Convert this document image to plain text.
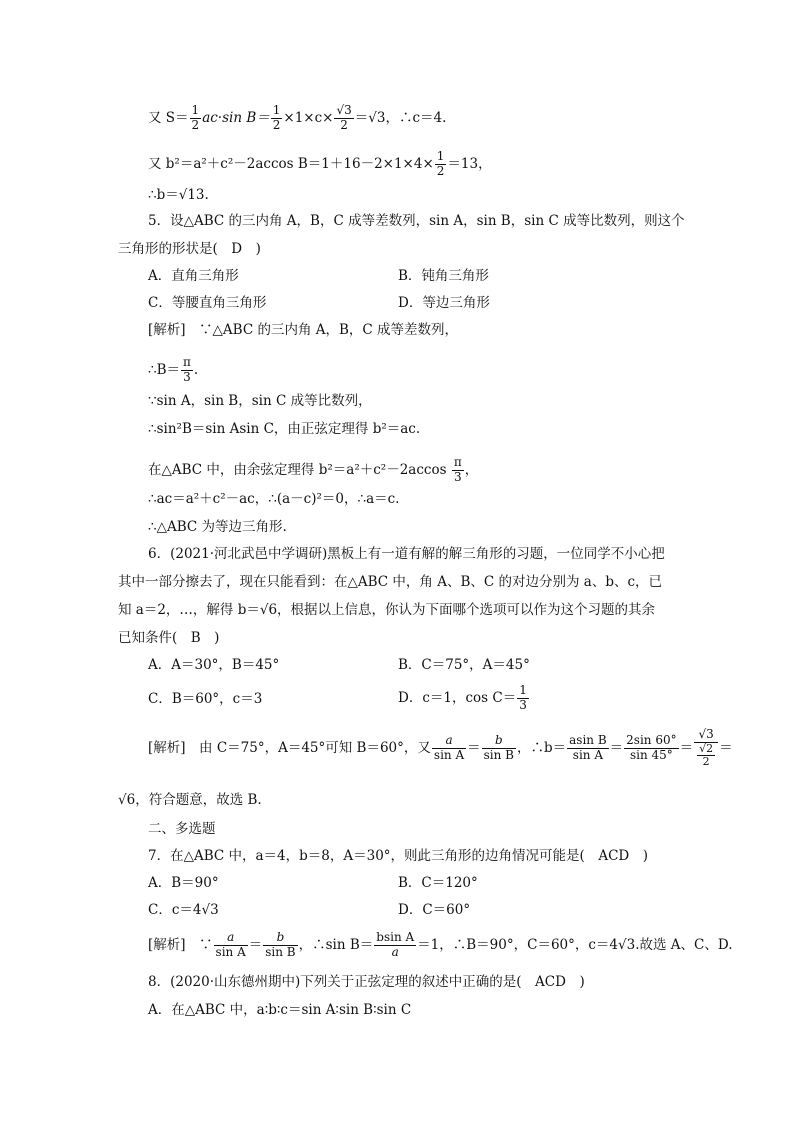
又 $S= \frac{1}{2} ac\cdot\sin$ $B= \frac{1}{2} \times 1\times c\times \frac{√3}{2} =√3$，∴c＝4.
又 b²＝a²＋c²－2accos $B=1+16-2\times 1\times 4\times \frac{1}{2} =13$，
∴b＝√13.
5．设△ABC 的三内角 A，B，C 成等差数列，sin A，sin B，sin C 成等比数列，则这个
三角形的形状是(　D　)
A．直角三角形	B．钝角三角形
C．等腰直角三角形	D．等边三角形
[解析]　∵△ABC 的三内角 A，B，C 成等差数列，
∴B＝ $\frac{\pi}{3}$ .
∵sin A，sin B，sin C 成等比数列，
∴sin²B＝sin Asin C，由正弦定理得 b²＝ac.
在△ABC 中，由余弦定理得 $b^2=a^2+c^2-2accos \frac{\pi}{3}$ ，
∴ac＝a²＋c²－ac，∴(a－c)²＝0，∴a＝c.
∴△ABC 为等边三角形.
6．(2021·河北武邑中学调研)黑板上有一道有解的解三角形的习题，一位同学不小心把
其中一部分擦去了，现在只能看到：在△ABC 中，角 A、B、C 的对边分别为 a、b、c，已
知 a＝2，…，解得 b＝√6，根据以上信息，你认为下面哪个选项可以作为这个习题的其余
已知条件(　B　)
A．A＝30°，B＝45°	B．C＝75°，A＝45°
C．B＝60°，c＝3	D．c＝1，$\cos C= \frac{1}{3}$
[解析]　由 C＝75°，A＝45°可知 B＝60°，又 $\frac{a}{\text{sin A}} = \frac{b}{\text{sin B}}$ ，∴b＝ $\frac{\text{asin B}}{\text{sin A}} = \frac{2\sin 60^\circ}{\sin 45^\circ} = √3$
√2
2 ＝
√6，符合题意，故选 B.
二、多选题
7．在△ABC 中，a＝4，b＝8，A＝30°，则此三角形的边角情况可能是(　ACD　)
A．B＝90°	B．C＝120°
C．c＝4√3	D．C＝60°
[解析]　∵ $\frac{a}{\text{sin A}} = \frac{b}{\text{sin B}}$ ，∴sin $B= \frac{\text{bsin A}}{a} =1$，∴B＝90°，C＝60°，c＝4√3.故选 A、C、D.
8．(2020·山东德州期中)下列关于正弦定理的叙述中正确的是(　ACD　)
A．在△ABC 中，a∶b∶c＝sin A∶sin B∶sin C
